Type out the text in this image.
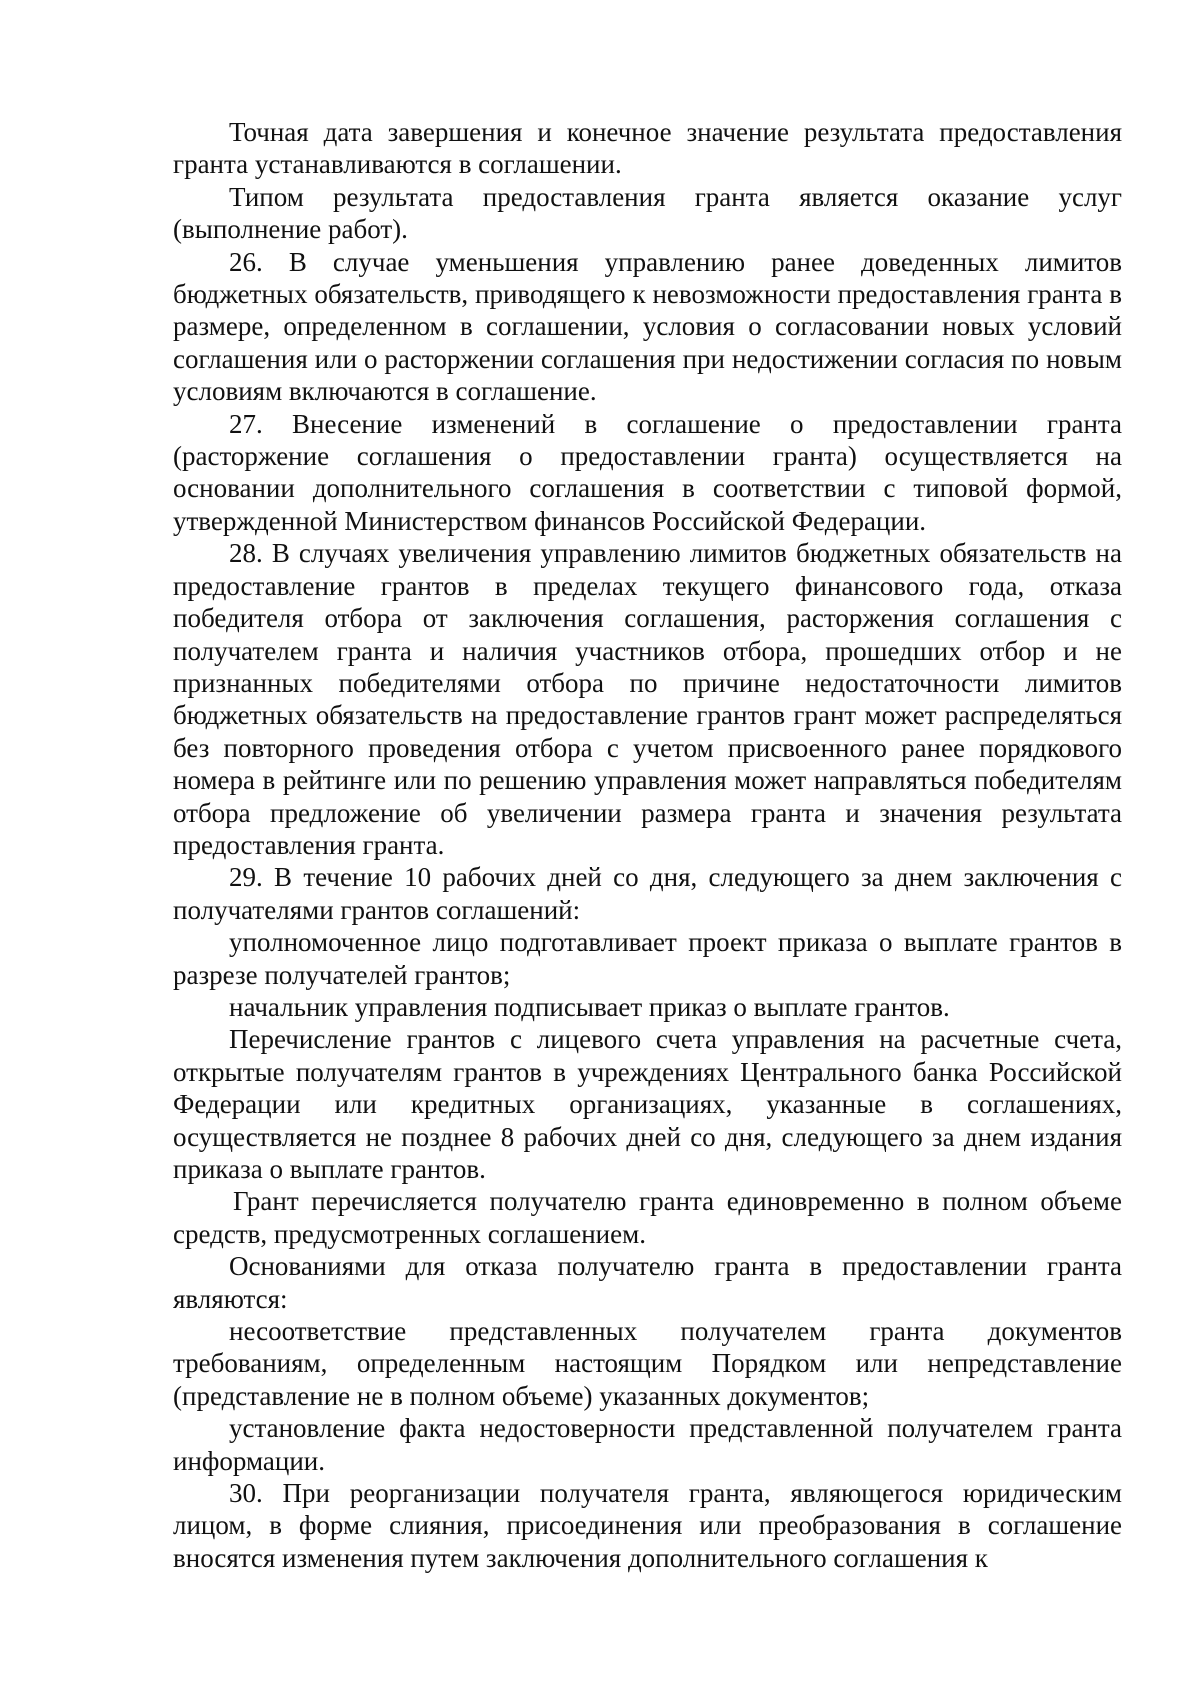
Точная дата завершения и конечное значение результата предоставления гранта устанавливаются в соглашении.

Типом результата предоставления гранта является оказание услуг (выполнение работ).

26. В случае уменьшения управлению ранее доведенных лимитов бюджетных обязательств, приводящего к невозможности предоставления гранта в размере, определенном в соглашении, условия о согласовании новых условий соглашения или о расторжении соглашения при недостижении согласия по новым условиям включаются в соглашение.

27. Внесение изменений в соглашение о предоставлении гранта (расторжение соглашения о предоставлении гранта) осуществляется на основании дополнительного соглашения в соответствии с типовой формой, утвержденной Министерством финансов Российской Федерации.

28. В случаях увеличения управлению лимитов бюджетных обязательств на предоставление грантов в пределах текущего финансового года, отказа победителя отбора от заключения соглашения, расторжения соглашения с получателем гранта и наличия участников отбора, прошедших отбор и не признанных победителями отбора по причине недостаточности лимитов бюджетных обязательств на предоставление грантов грант может распределяться без повторного проведения отбора с учетом присвоенного ранее порядкового номера в рейтинге или по решению управления может направляться победителям отбора предложение об увеличении размера гранта и значения результата предоставления гранта.

29. В течение 10 рабочих дней со дня, следующего за днем заключения с получателями грантов соглашений:

уполномоченное лицо подготавливает проект приказа о выплате грантов в разрезе получателей грантов;

начальник управления подписывает приказ о выплате грантов.

Перечисление грантов с лицевого счета управления на расчетные счета, открытые получателям грантов в учреждениях Центрального банка Российской Федерации или кредитных организациях, указанные в соглашениях, осуществляется не позднее 8 рабочих дней со дня, следующего за днем издания приказа о выплате грантов.

Грант перечисляется получателю гранта единовременно в полном объеме средств, предусмотренных соглашением.

Основаниями для отказа получателю гранта в предоставлении гранта являются:

несоответствие представленных получателем гранта документов требованиям, определенным настоящим Порядком или непредставление (представление не в полном объеме) указанных документов;

установление факта недостоверности представленной получателем гранта информации.

30. При реорганизации получателя гранта, являющегося юридическим лицом, в форме слияния, присоединения или преобразования в соглашение вносятся изменения путем заключения дополнительного соглашения к
